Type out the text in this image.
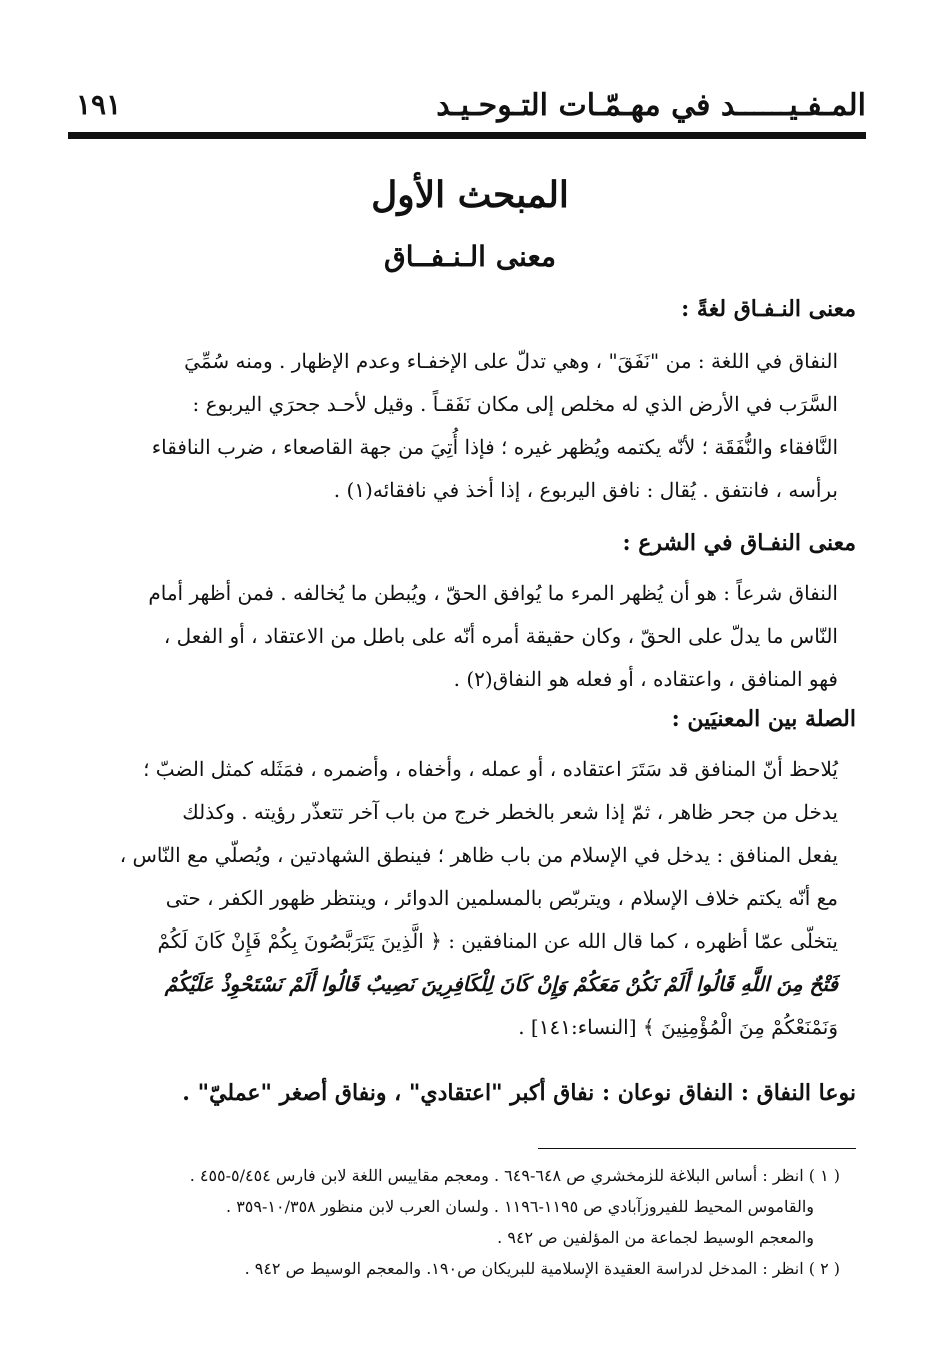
المـفـيــــــد في مهـمّـات التـوحـيـد
١٩١
المبحث الأول
معنى الـنـفــاق
معنى النـفـاق لغةً :

النفاق في اللغة : من "نَفَقَ" ، وهي تدلّ على الإخفـاء وعدم الإظهار . ومنه سُمِّيَ

السَّرَب في الأرض الذي له مخلص إلى مكان نَفَقـاً . وقيل لأحـد جحرَي اليربوع :

النَّافقاء والنُّفَقَة ؛ لأنّه يكتمه ويُظهر غيره ؛ فإذا أُتِيَ من جهة القاصعاء ، ضرب النافقاء

برأسه ، فانتفق . يُقال : نافق اليربوع ، إذا أخذ في نافقائه(١) .

معنى النفـاق في الشرع :

النفاق شرعاً : هو أن يُظهر المرء ما يُوافق الحقّ ، ويُبطن ما يُخالفه . فمن أظهر أمام

النّاس ما يدلّ على الحقّ ، وكان حقيقة أمره أنّه على باطل من الاعتقاد ، أو الفعل ،

فهو المنافق ، واعتقاده ، أو فعله هو النفاق(٢) .

الصلة بين المعنيَين :

يُلاحظ أنّ المنافق قد سَتَرَ اعتقاده ، أو عمله ، وأخفاه ، وأضمره ، فمَثَله كمثل الضبّ ؛

يدخل من جحر ظاهر ، ثمّ إذا شعر بالخطر خرج من باب آخر تتعذّر رؤيته . وكذلك

يفعل المنافق : يدخل في الإسلام من باب ظاهر ؛ فينطق الشهادتين ، ويُصلّي مع النّاس ،

مع أنّه يكتم خلاف الإسلام ، ويتربّص بالمسلمين الدوائر ، وينتظر ظهور الكفر ، حتى

يتخلّى عمّا أظهره ، كما قال الله عن المنافقين : ﴿ الَّذِينَ يَتَرَبَّصُونَ بِكُمْ فَإِنْ كَانَ لَكُمْ

فَتْحٌ مِنَ اللَّهِ قَالُوا أَلَمْ نَكُنْ مَعَكُمْ وَإِنْ كَانَ لِلْكَافِرِينَ نَصِيبٌ قَالُوا أَلَمْ نَسْتَحْوِذْ عَلَيْكُمْ

وَنَمْنَعْكُمْ مِنَ الْمُؤْمِنِينَ ﴾ [النساء:١٤١] .

نوعا النفاق : النفاق نوعان : نفاق أكبر "اعتقادي" ، ونفاق أصغر "عمليّ" .

( ١ ) انظر : أساس البلاغة للزمخشري ص ٦٤٨-٦٤٩ . ومعجم مقاييس اللغة لابن فارس ٥/٤٥٤-٤٥٥ .

والقاموس المحيط للفيروزآبادي ص ١١٩٥-١١٩٦ . ولسان العرب لابن منظور ١٠/٣٥٨-٣٥٩ .

والمعجم الوسيط لجماعة من المؤلفين ص ٩٤٢ .

( ٢ ) انظر : المدخل لدراسة العقيدة الإسلامية للبريكان ص١٩٠. والمعجم الوسيط ص ٩٤٢ .
